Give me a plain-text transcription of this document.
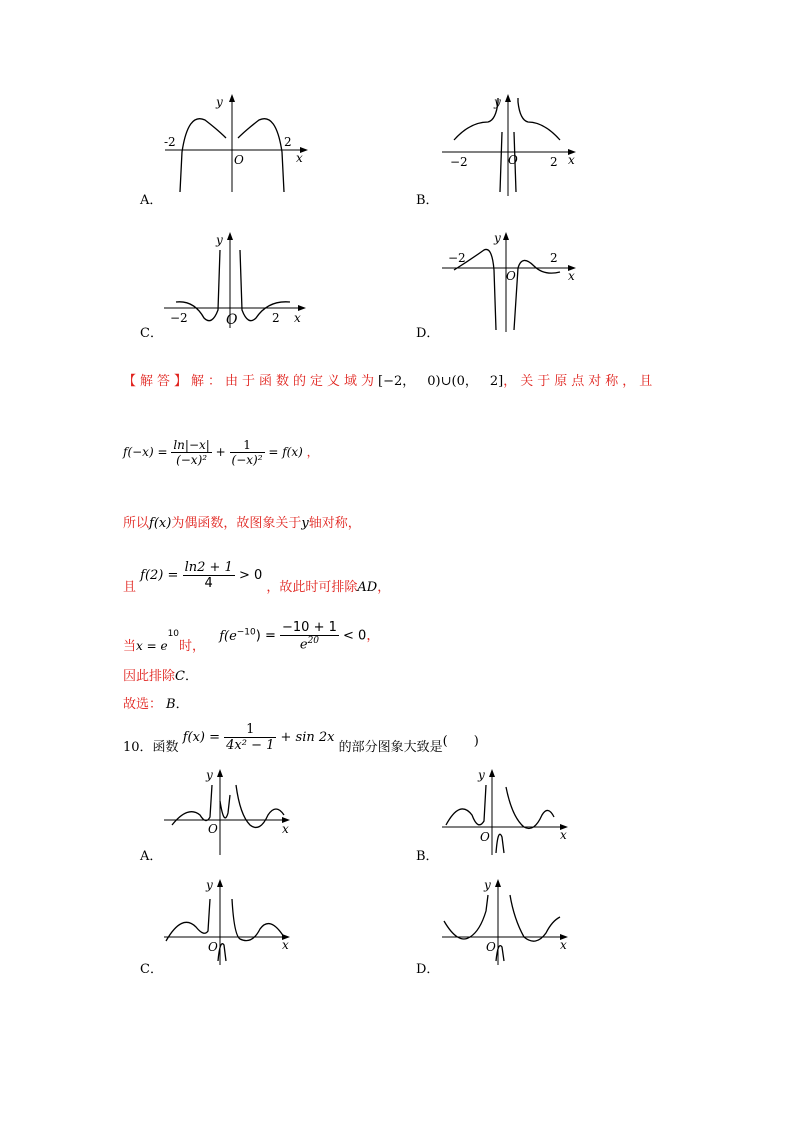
y
x
O
-2	2
A．
y
x
O
−2	2
B．
y
x
O
−2	2
C．
y
x
O
−2	2
D．
【解答】解：由于函数的定义域为[−2， 0)∪(0， 2]，关于原点对称，且
$f(-x) = \frac{\ln|-x|}{\text{(−x)²}} + \frac{1}{\text{(−x)²}} = f(x)$ ，
所以f(x)为偶函数，故图象关于y轴对称，
且 $f(2) = \frac{\ln 2 + 1}{4} > 0$ ，故此时可排除AD，
当$x = e^{10}$时， $f(e^{-10}) = \frac{-10 + 1}{e^{20}} < 0$，
因此排除C．
故选： B．
10．函数 $f(x) = \frac{1}{\text{4x² − 1}} + \sin 2x$ 的部分图象大致是(　　)
y
x
O
A．
y
x
O
B．
y
x
O
C．
y
x
O
D．
